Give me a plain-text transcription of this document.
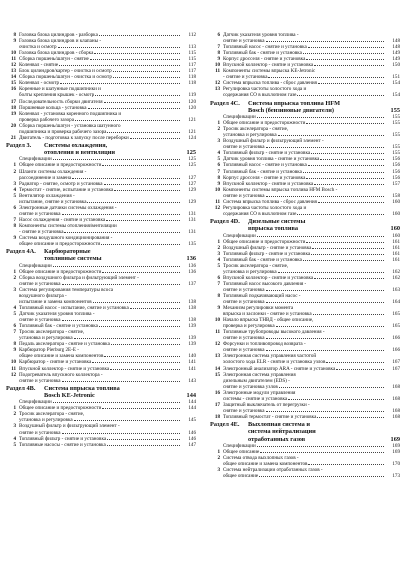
8 Головка блока цилиндров - разборка	112
9 Головка блока цилиндров и клапаны -
очистка и осмотр	113
10 Головка блока цилиндров - сборка	115
11 Сборка поршень/шатун - снятие	115
12 Коленвал - снятие	117
13 Блок цилиндров/картер - очистка и осмотр	117
14 Сборка поршень/шатун - очистка и осмотр	118
15 Коленвал - осмотр	118
16 Коренные и шатунные подшипники и
болты крепления крышек - осмотр	119
17 Последовательность сборки двигателя	120
18 Поршневые кольца - установка	120
19 Коленвал - установка коренного подшипника и
проверка рабочего зазора	121
20 Сборка поршень/шатун - установка шатунного
подшипника и проверка рабочего зазора	121
21 Двигатель - подготовка к запуску после переборки	124
Раздел 3.	Системы охлаждения,
отопления и вентиляции	125
Спецификации	125
1 Общее описание и предосторожности	125
2 Шланги системы охлаждения -
рассоединение и замена	127
3 Радиатор - снятие, осмотр и установка	127
4 Термостат - снятие, испытание и установка	129
5 Вентилятор охлаждения -
испытание, снятие и установка	129
6 Электронные датчики системы охлаждения -
снятие и установка	131
7 Насос охлаждения - снятие и установка	131
8 Компоненты системы отопления/вентиляции
- снятие и установка	131
9 Система воздушного кондиционирования -
общее описание и предосторожности	135
Раздел 4A.	Карбюраторные
топливные системы	136
Спецификации	136
1 Общее описание и предосторожности	136
2 Сборка воздушного фильтра и фильтрующий элемент -
снятие и установка	137
3 Система регулирования температуры всоса
воздушного фильтра -
испытание и замена компонентов	138
4 Топливный насос - испытание, снятие и установка	138
5 Датчик указателя уровня топлива -
снятие и установка	138
6 Топливный бак - снятие и установка	139
7 Тросик акселератора - снятие,
установка и регулировка	139
8 Педаль акселератора - снятие и установка	139
9 Карбюратор Pierburg 2E-E -
общее описание и замена компонентов	140
10 Карбюратор - снятие и установка	141
11 Впускной коллектор - снятие и установка	141
12 Подогреватель впускного коллектора -
снятие и установка	143
Раздел 4B.	Система впрыска топлива
Bosch KE-Jetronic	144
Спецификации	144
1 Общее описание и предосторожности	144
2 Тросик акселератора - снятие,
установка и регулировка	145
3 Воздушный фильтр и фильтрующий элемент -
снятие и установка	146
4 Топливный фильтр - снятие и установка	146
5 Топливные насосы - снятие и установка	147
6 Датчик указателя уровня топлива -
снятие и установка	148
7 Топливный насос - снятие и установка	148
8 Топливный бак - снятие и установка	149
9 Корпус дросселя - снятие и установка	149
10 Впускной коллектор - снятие и установка	150
11 Компоненты системы впрыска KE-Jetronic
- снятие и установка	151
12 Система впрыска топлива - сброс давления	154
13 Регулировка частоты холостого хода и
содержания CO в выхлопном газе	154
Раздел 4C.	Система впрыска топлива HFM
Bosch (бензиновые двигатели)	155
Спецификации	155
1 Общее описание и предосторожности	155
2 Тросик акселератора - снятие,
установка и регулировка	155
3 Воздушный фильтр и фильтрующий элемент -
снятие и установка	155
4 Топливный фильтр - снятие и установка	155
5 Датчик уровня топлива - снятие и установка	156
6 Топливный насос - снятие и установка	156
7 Топливный бак - снятие и установка	156
8 Корпус дросселя - снятие и установка	156
9 Впускной коллектор - снятие и установка	157
10 Компоненты системы впрыска топлива HFM Bosch -
снятие и установка	158
11 Система впрыска топлива - сброс давления	160
12 Регулировка частоты холостого хода и
содержания CO в выхлопном газе	160
Раздел 4D.	Дизельные системы
впрыска топлива	160
Спецификации	160
1 Общее описание и предосторожности	161
2 Воздушный фильтр - снятие и установка	161
3 Топливный фильтр - снятие и установка	161
4 Топливный бак - снятие и установка	161
5 Тросик акселератора - снятие,
установка и регулировка	162
6 Впускной коллектор - снятие и установка	162
7 Топливный насос высокого давления -
снятие и установка	163
8 Топливный подкачивающий насос -
снятие и установка	164
9 Механизм регулировки момента
впрыска и заслонки - снятие и установка	165
10 Начало впрыска ТНВД - общее описание,
проверка и регулировка	165
11 Топливные трубопроводы высокого давления -
снятие и установка	166
12 Форсунки и топливопровод возврата -
снятие и установка	166
13 Электронная система управления частотой
холостого хода ELR - снятие и установка узлов	167
14 Электронный анализатор ARA - снятие и установка	167
15 Электронная система управления
дизельным двигателем (EDS) -
снятие и установка узлов	168
16 Электронные модули управления
системы - снятие и установка	168
17 Защитный выключатель от перегрузки -
снятие и установка	168
18 Топливный термостат - снятие и установка	168
Раздел 4E.	Выхлопная система и
система нейтрализации
отработанных газов	169
Спецификации	169
1 Общее описание	169
2 Система отвода выхлопных газов -
общее описание и замена компонентов	170
3 Система нейтрализации отработанных газов -
общее описание	173
